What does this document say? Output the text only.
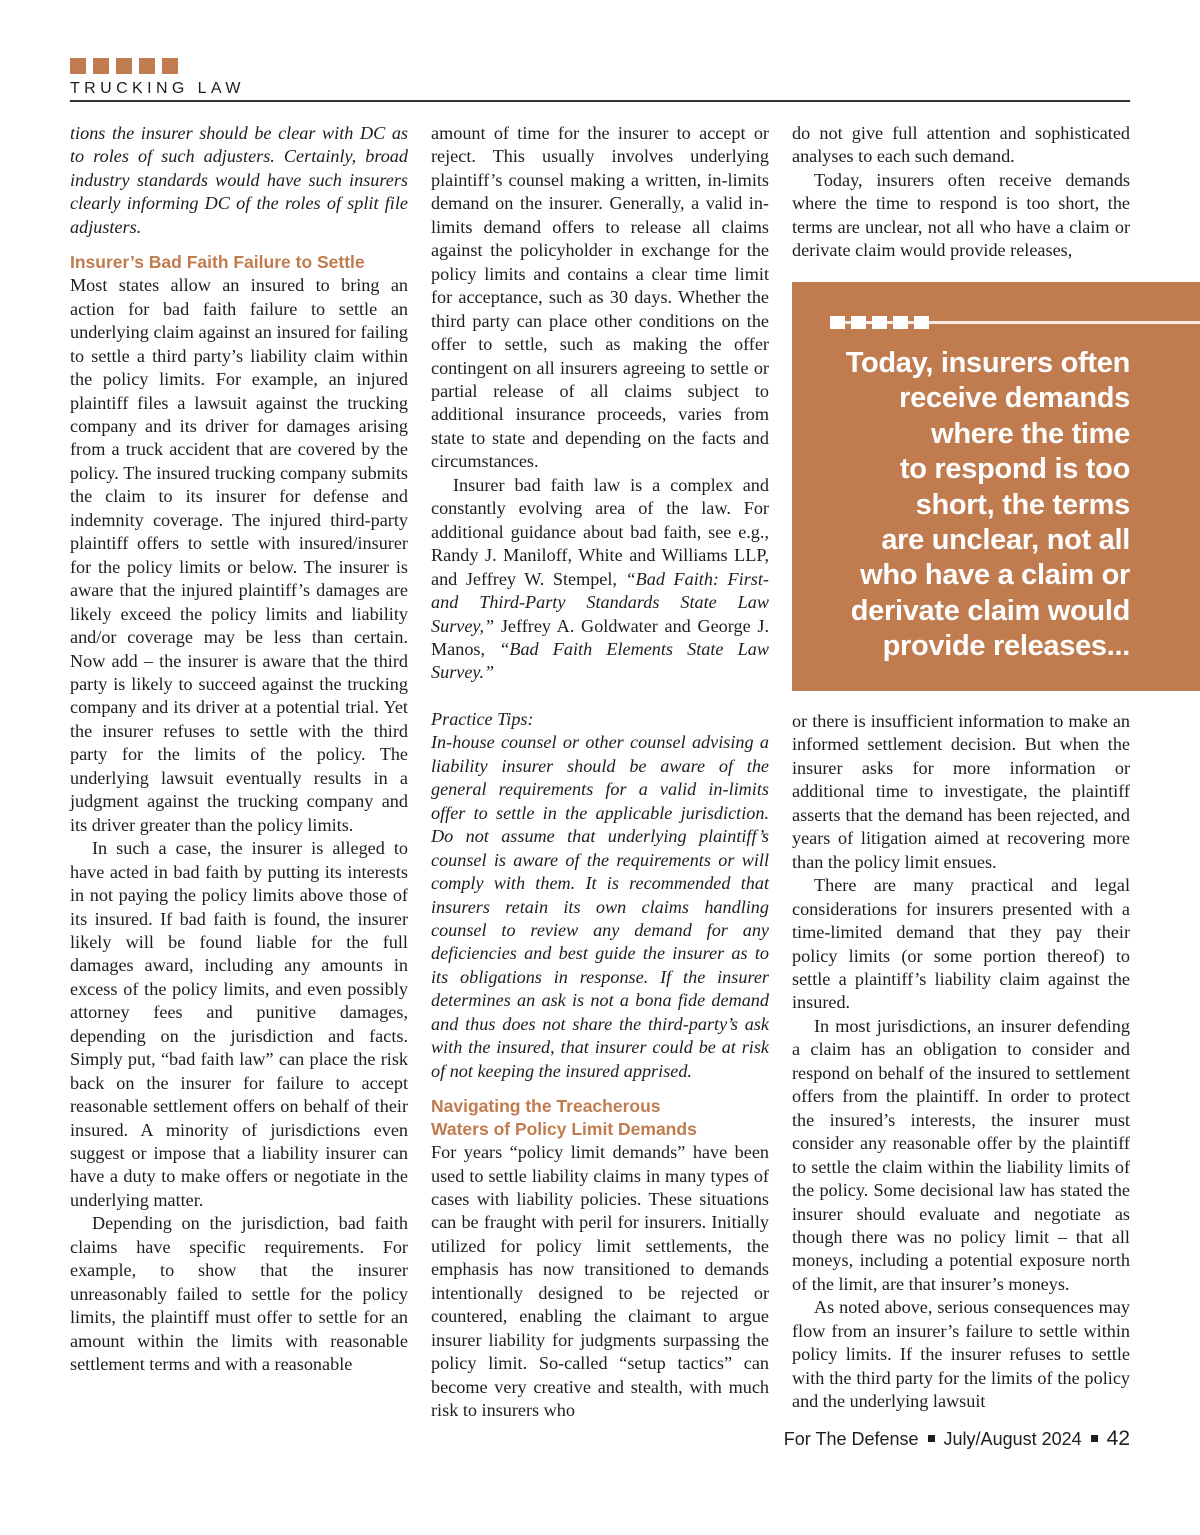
TRUCKING LAW

tions the insurer should be clear with DC as to roles of such adjusters. Certainly, broad industry standards would have such insurers clearly informing DC of the roles of split file adjusters.

Insurer’s Bad Faith Failure to Settle

Most states allow an insured to bring an action for bad faith failure to settle an underlying claim against an insured for failing to settle a third party’s liability claim within the policy limits. For example, an injured plaintiff files a lawsuit against the trucking company and its driver for damages arising from a truck accident that are covered by the policy. The insured trucking company submits the claim to its insurer for defense and indemnity coverage. The injured third-party plaintiff offers to settle with insured/insurer for the policy limits or below. The insurer is aware that the injured plaintiff’s damages are likely exceed the policy limits and liability and/or coverage may be less than certain. Now add – the insurer is aware that the third party is likely to succeed against the trucking company and its driver at a potential trial. Yet the insurer refuses to settle with the third party for the limits of the policy. The underlying lawsuit eventually results in a judgment against the trucking company and its driver greater than the policy limits.

In such a case, the insurer is alleged to have acted in bad faith by putting its interests in not paying the policy limits above those of its insured. If bad faith is found, the insurer likely will be found liable for the full damages award, including any amounts in excess of the policy limits, and even possibly attorney fees and punitive damages, depending on the jurisdiction and facts. Simply put, “bad faith law” can place the risk back on the insurer for failure to accept reasonable settlement offers on behalf of their insured. A minority of jurisdictions even suggest or impose that a liability insurer can have a duty to make offers or negotiate in the underlying matter.

Depending on the jurisdiction, bad faith claims have specific requirements. For example, to show that the insurer unreasonably failed to settle for the policy limits, the plaintiff must offer to settle for an amount within the limits with reasonable settlement terms and with a reasonable

amount of time for the insurer to accept or reject. This usually involves underlying plaintiff’s counsel making a written, in-limits demand on the insurer. Generally, a valid in-limits demand offers to release all claims against the policyholder in exchange for the policy limits and contains a clear time limit for acceptance, such as 30 days. Whether the third party can place other conditions on the offer to settle, such as making the offer contingent on all insurers agreeing to settle or partial release of all claims subject to additional insurance proceeds, varies from state to state and depending on the facts and circumstances.

Insurer bad faith law is a complex and constantly evolving area of the law. For additional guidance about bad faith, see e.g., Randy J. Maniloff, White and Williams LLP, and Jeffrey W. Stempel, “Bad Faith: First- and Third-Party Standards State Law Survey,” Jeffrey A. Goldwater and George J. Manos, “Bad Faith Elements State Law Survey.”

Practice Tips:

In-house counsel or other counsel advising a liability insurer should be aware of the general requirements for a valid in-limits offer to settle in the applicable jurisdiction. Do not assume that underlying plaintiff’s counsel is aware of the requirements or will comply with them. It is recommended that insurers retain its own claims handling counsel to review any demand for any deficiencies and best guide the insurer as to its obligations in response. If the insurer determines an ask is not a bona fide demand and thus does not share the third-party’s ask with the insured, that insurer could be at risk of not keeping the insured apprised.

Navigating the Treacherous
Waters of Policy Limit Demands

For years “policy limit demands” have been used to settle liability claims in many types of cases with liability policies. These situations can be fraught with peril for insurers. Initially utilized for policy limit settlements, the emphasis has now transitioned to demands intentionally designed to be rejected or countered, enabling the claimant to argue insurer liability for judgments surpassing the policy limit. So-called “setup tactics” can become very creative and stealth, with much risk to insurers who

do not give full attention and sophisticated analyses to each such demand.

Today, insurers often receive demands where the time to respond is too short, the terms are unclear, not all who have a claim or derivate claim would provide releases,

Today, insurers often
receive demands
where the time
to respond is too
short, the terms
are unclear, not all
who have a claim or
derivate claim would
provide releases...

or there is insufficient information to make an informed settlement decision. But when the insurer asks for more information or additional time to investigate, the plaintiff asserts that the demand has been rejected, and years of litigation aimed at recovering more than the policy limit ensues.

There are many practical and legal considerations for insurers presented with a time-limited demand that they pay their policy limits (or some portion thereof) to settle a plaintiff’s liability claim against the insured.

In most jurisdictions, an insurer defending a claim has an obligation to consider and respond on behalf of the insured to settlement offers from the plaintiff. In order to protect the insured’s interests, the insurer must consider any reasonable offer by the plaintiff to settle the claim within the liability limits of the policy. Some decisional law has stated the insurer should evaluate and negotiate as though there was no policy limit – that all moneys, including a potential exposure north of the limit, are that insurer’s moneys.

As noted above, serious consequences may flow from an insurer’s failure to settle within policy limits. If the insurer refuses to settle with the third party for the limits of the policy and the underlying lawsuit

For The Defense July/August 2024 42
